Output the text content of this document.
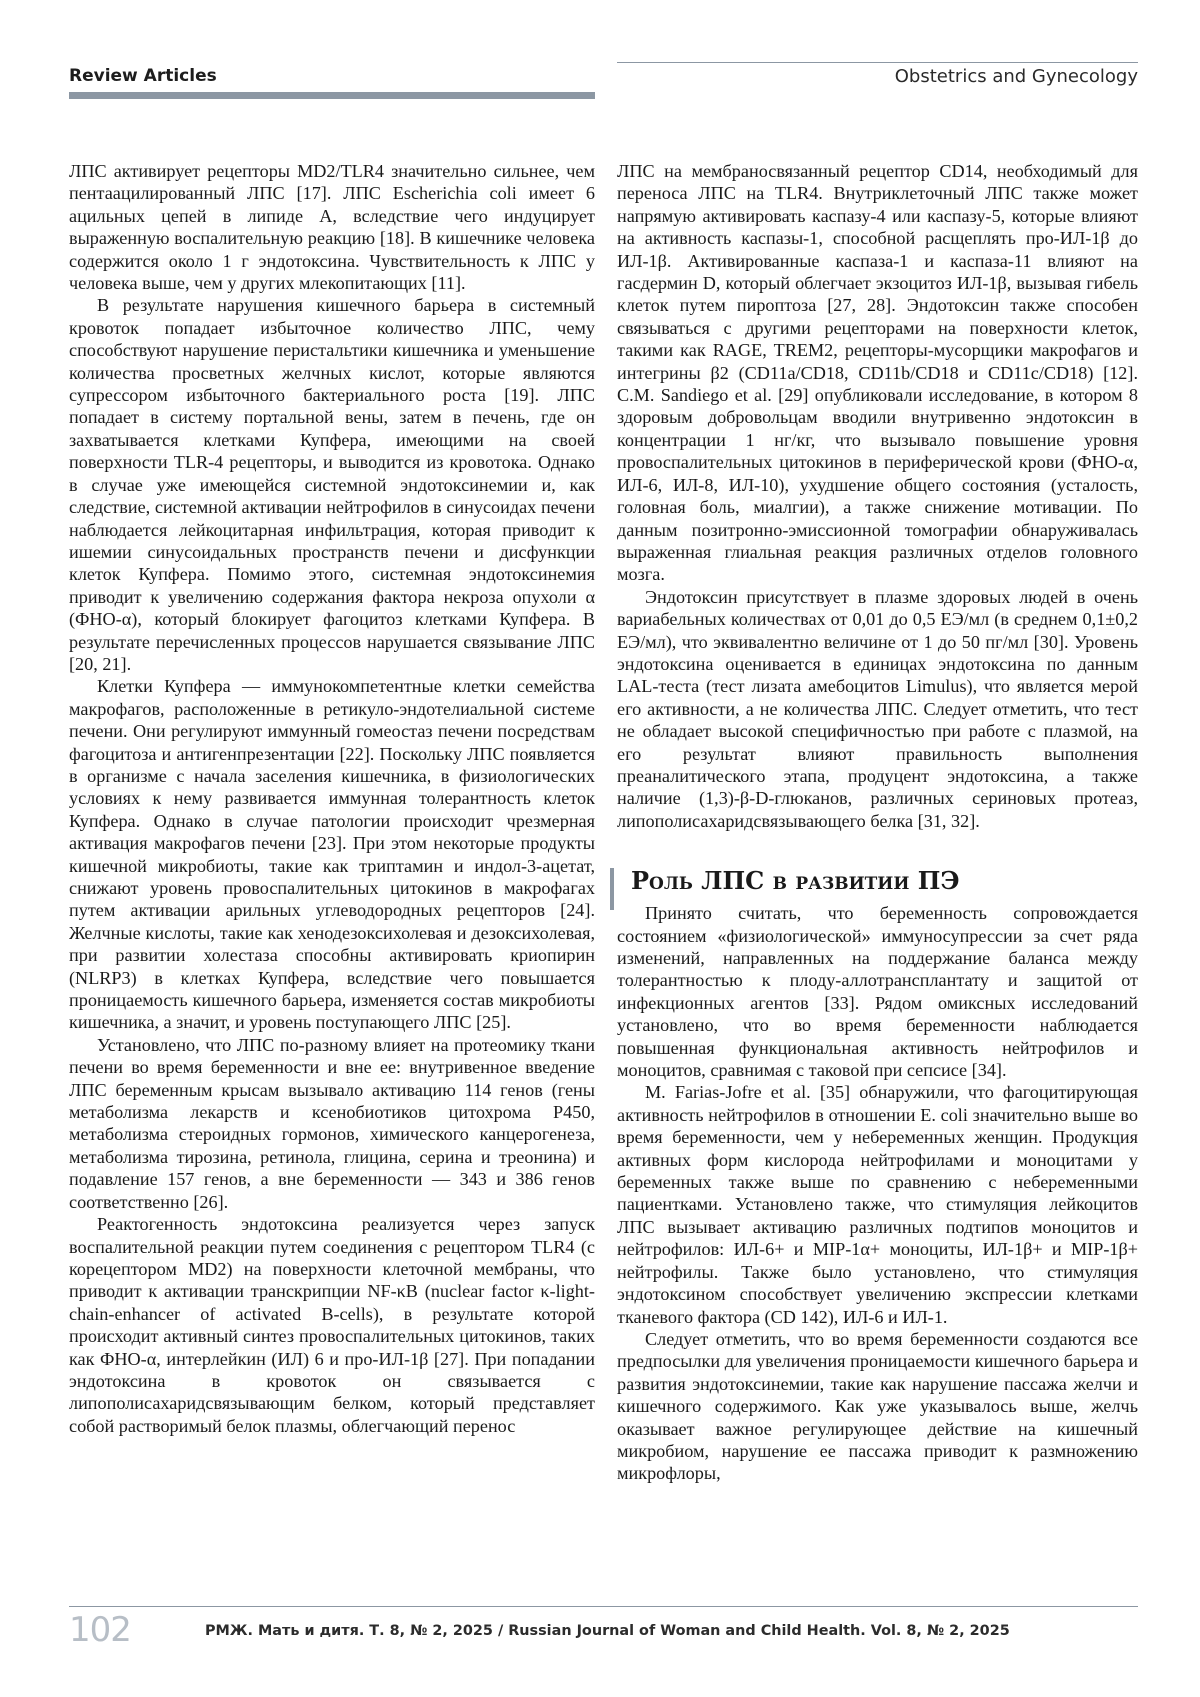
Review Articles	Obstetrics and Gynecology

ЛПС активирует рецепторы MD2/TLR4 значительно сильнее, чем пентаацилированный ЛПС [17]. ЛПС Escherichia coli имеет 6 ацильных цепей в липиде А, вследствие чего индуцирует выраженную воспалительную реакцию [18]. В кишечнике человека содержится около 1 г эндотоксина. Чувствительность к ЛПС у человека выше, чем у других млекопитающих [11].

В результате нарушения кишечного барьера в системный кровоток попадает избыточное количество ЛПС, чему способствуют нарушение перистальтики кишечника и уменьшение количества просветных желчных кислот, которые являются супрессором избыточного бактериального роста [19]. ЛПС попадает в систему портальной вены, затем в печень, где он захватывается клетками Купфера, имеющими на своей поверхности TLR-4 рецепторы, и выводится из кровотока. Однако в случае уже имеющейся системной эндотоксинемии и, как следствие, системной активации нейтрофилов в синусоидах печени наблюдается лейкоцитарная инфильтрация, которая приводит к ишемии синусоидальных пространств печени и дисфункции клеток Купфера. Помимо этого, системная эндотоксинемия приводит к увеличению содержания фактора некроза опухоли α (ФНО-α), который блокирует фагоцитоз клетками Купфера. В результате перечисленных процессов нарушается связывание ЛПС [20, 21].

Клетки Купфера — иммунокомпетентные клетки семейства макрофагов, расположенные в ретикуло-эндотелиальной системе печени. Они регулируют иммунный гомеостаз печени посредствам фагоцитоза и антигенпрезентации [22]. Поскольку ЛПС появляется в организме с начала заселения кишечника, в физиологических условиях к нему развивается иммунная толерантность клеток Купфера. Однако в случае патологии происходит чрезмерная активация макрофагов печени [23]. При этом некоторые продукты кишечной микробиоты, такие как триптамин и индол-3-ацетат, снижают уровень провоспалительных цитокинов в макрофагах путем активации арильных углеводородных рецепторов [24]. Желчные кислоты, такие как хенодезоксихолевая и дезоксихолевая, при развитии холестаза способны активировать криопирин (NLRP3) в клетках Купфера, вследствие чего повышается проницаемость кишечного барьера, изменяется состав микробиоты кишечника, а значит, и уровень поступающего ЛПС [25].

Установлено, что ЛПС по-разному влияет на протеомику ткани печени во время беременности и вне ее: внутривенное введение ЛПС беременным крысам вызывало активацию 114 генов (гены метаболизма лекарств и ксенобиотиков цитохрома P450, метаболизма стероидных гормонов, химического канцерогенеза, метаболизма тирозина, ретинола, глицина, серина и треонина) и подавление 157 генов, а вне беременности — 343 и 386 генов соответственно [26].

Реактогенность эндотоксина реализуется через запуск воспалительной реакции путем соединения с рецептором TLR4 (с корецептором MD2) на поверхности клеточной мембраны, что приводит к активации транскрипции NF-κB (nuclear factor κ-light-chain-enhancer of activated B-cells), в результате которой происходит активный синтез провоспалительных цитокинов, таких как ФНО-α, интерлейкин (ИЛ) 6 и про-ИЛ-1β [27]. При попадании эндотоксина в кровоток он связывается с липополисахаридсвязывающим белком, который представляет собой растворимый белок плазмы, облегчающий перенос

ЛПС на мембраносвязанный рецептор CD14, необходимый для переноса ЛПС на TLR4. Внутриклеточный ЛПС также может напрямую активировать каспазу-4 или каспазу-5, которые влияют на активность каспазы-1, способной расщеплять про-ИЛ-1β до ИЛ-1β. Активированные каспаза-1 и каспаза-11 влияют на гасдермин D, который облегчает экзоцитоз ИЛ-1β, вызывая гибель клеток путем пироптоза [27, 28]. Эндотоксин также способен связываться с другими рецепторами на поверхности клеток, такими как RAGE, TREM2, рецепторы-мусорщики макрофагов и интегрины β2 (CD11a/CD18, CD11b/CD18 и CD11c/CD18) [12]. C.M. Sandiego et al. [29] опубликовали исследование, в котором 8 здоровым добровольцам вводили внутривенно эндотоксин в концентрации 1 нг/кг, что вызывало повышение уровня провоспалительных цитокинов в периферической крови (ФНО-α, ИЛ-6, ИЛ-8, ИЛ-10), ухудшение общего состояния (усталость, головная боль, миалгии), а также снижение мотивации. По данным позитронно-эмиссионной томографии обнаруживалась выраженная глиальная реакция различных отделов головного мозга.

Эндотоксин присутствует в плазме здоровых людей в очень вариабельных количествах от 0,01 до 0,5 ЕЭ/мл (в среднем 0,1±0,2 ЕЭ/мл), что эквивалентно величине от 1 до 50 пг/мл [30]. Уровень эндотоксина оценивается в единицах эндотоксина по данным LAL-теста (тест лизата амебоцитов Limulus), что является мерой его активности, а не количества ЛПС. Следует отметить, что тест не обладает высокой специфичностью при работе с плазмой, на его результат влияют правильность выполнения преаналитического этапа, продуцент эндотоксина, а также наличие (1,3)-β-D-глюканов, различных сериновых протеаз, липополисахаридсвязывающего белка [31, 32].

Роль ЛПС в развитии ПЭ

Принято считать, что беременность сопровождается состоянием «физиологической» иммуносупрессии за счет ряда изменений, направленных на поддержание баланса между толерантностью к плоду-аллотрансплантату и защитой от инфекционных агентов [33]. Рядом омиксных исследований установлено, что во время беременности наблюдается повышенная функциональная активность нейтрофилов и моноцитов, сравнимая с таковой при сепсисе [34].

M. Farias-Jofre et al. [35] обнаружили, что фагоцитирующая активность нейтрофилов в отношении E. coli значительно выше во время беременности, чем у небеременных женщин. Продукция активных форм кислорода нейтрофилами и моноцитами у беременных также выше по сравнению с небеременными пациентками. Установлено также, что стимуляция лейкоцитов ЛПС вызывает активацию различных подтипов моноцитов и нейтрофилов: ИЛ-6+ и MIP-1α+ моноциты, ИЛ-1β+ и MIP-1β+ нейтрофилы. Также было установлено, что стимуляция эндотоксином способствует увеличению экспрессии клетками тканевого фактора (CD 142), ИЛ-6 и ИЛ-1.

Следует отметить, что во время беременности создаются все предпосылки для увеличения проницаемости кишечного барьера и развития эндотоксинемии, такие как нарушение пассажа желчи и кишечного содержимого. Как уже указывалось выше, желчь оказывает важное регулирующее действие на кишечный микробиом, нарушение ее пассажа приводит к размножению микрофлоры,

102	РМЖ. Мать и дитя. Т. 8, № 2, 2025 / Russian Journal of Woman and Child Health. Vol. 8, № 2, 2025
